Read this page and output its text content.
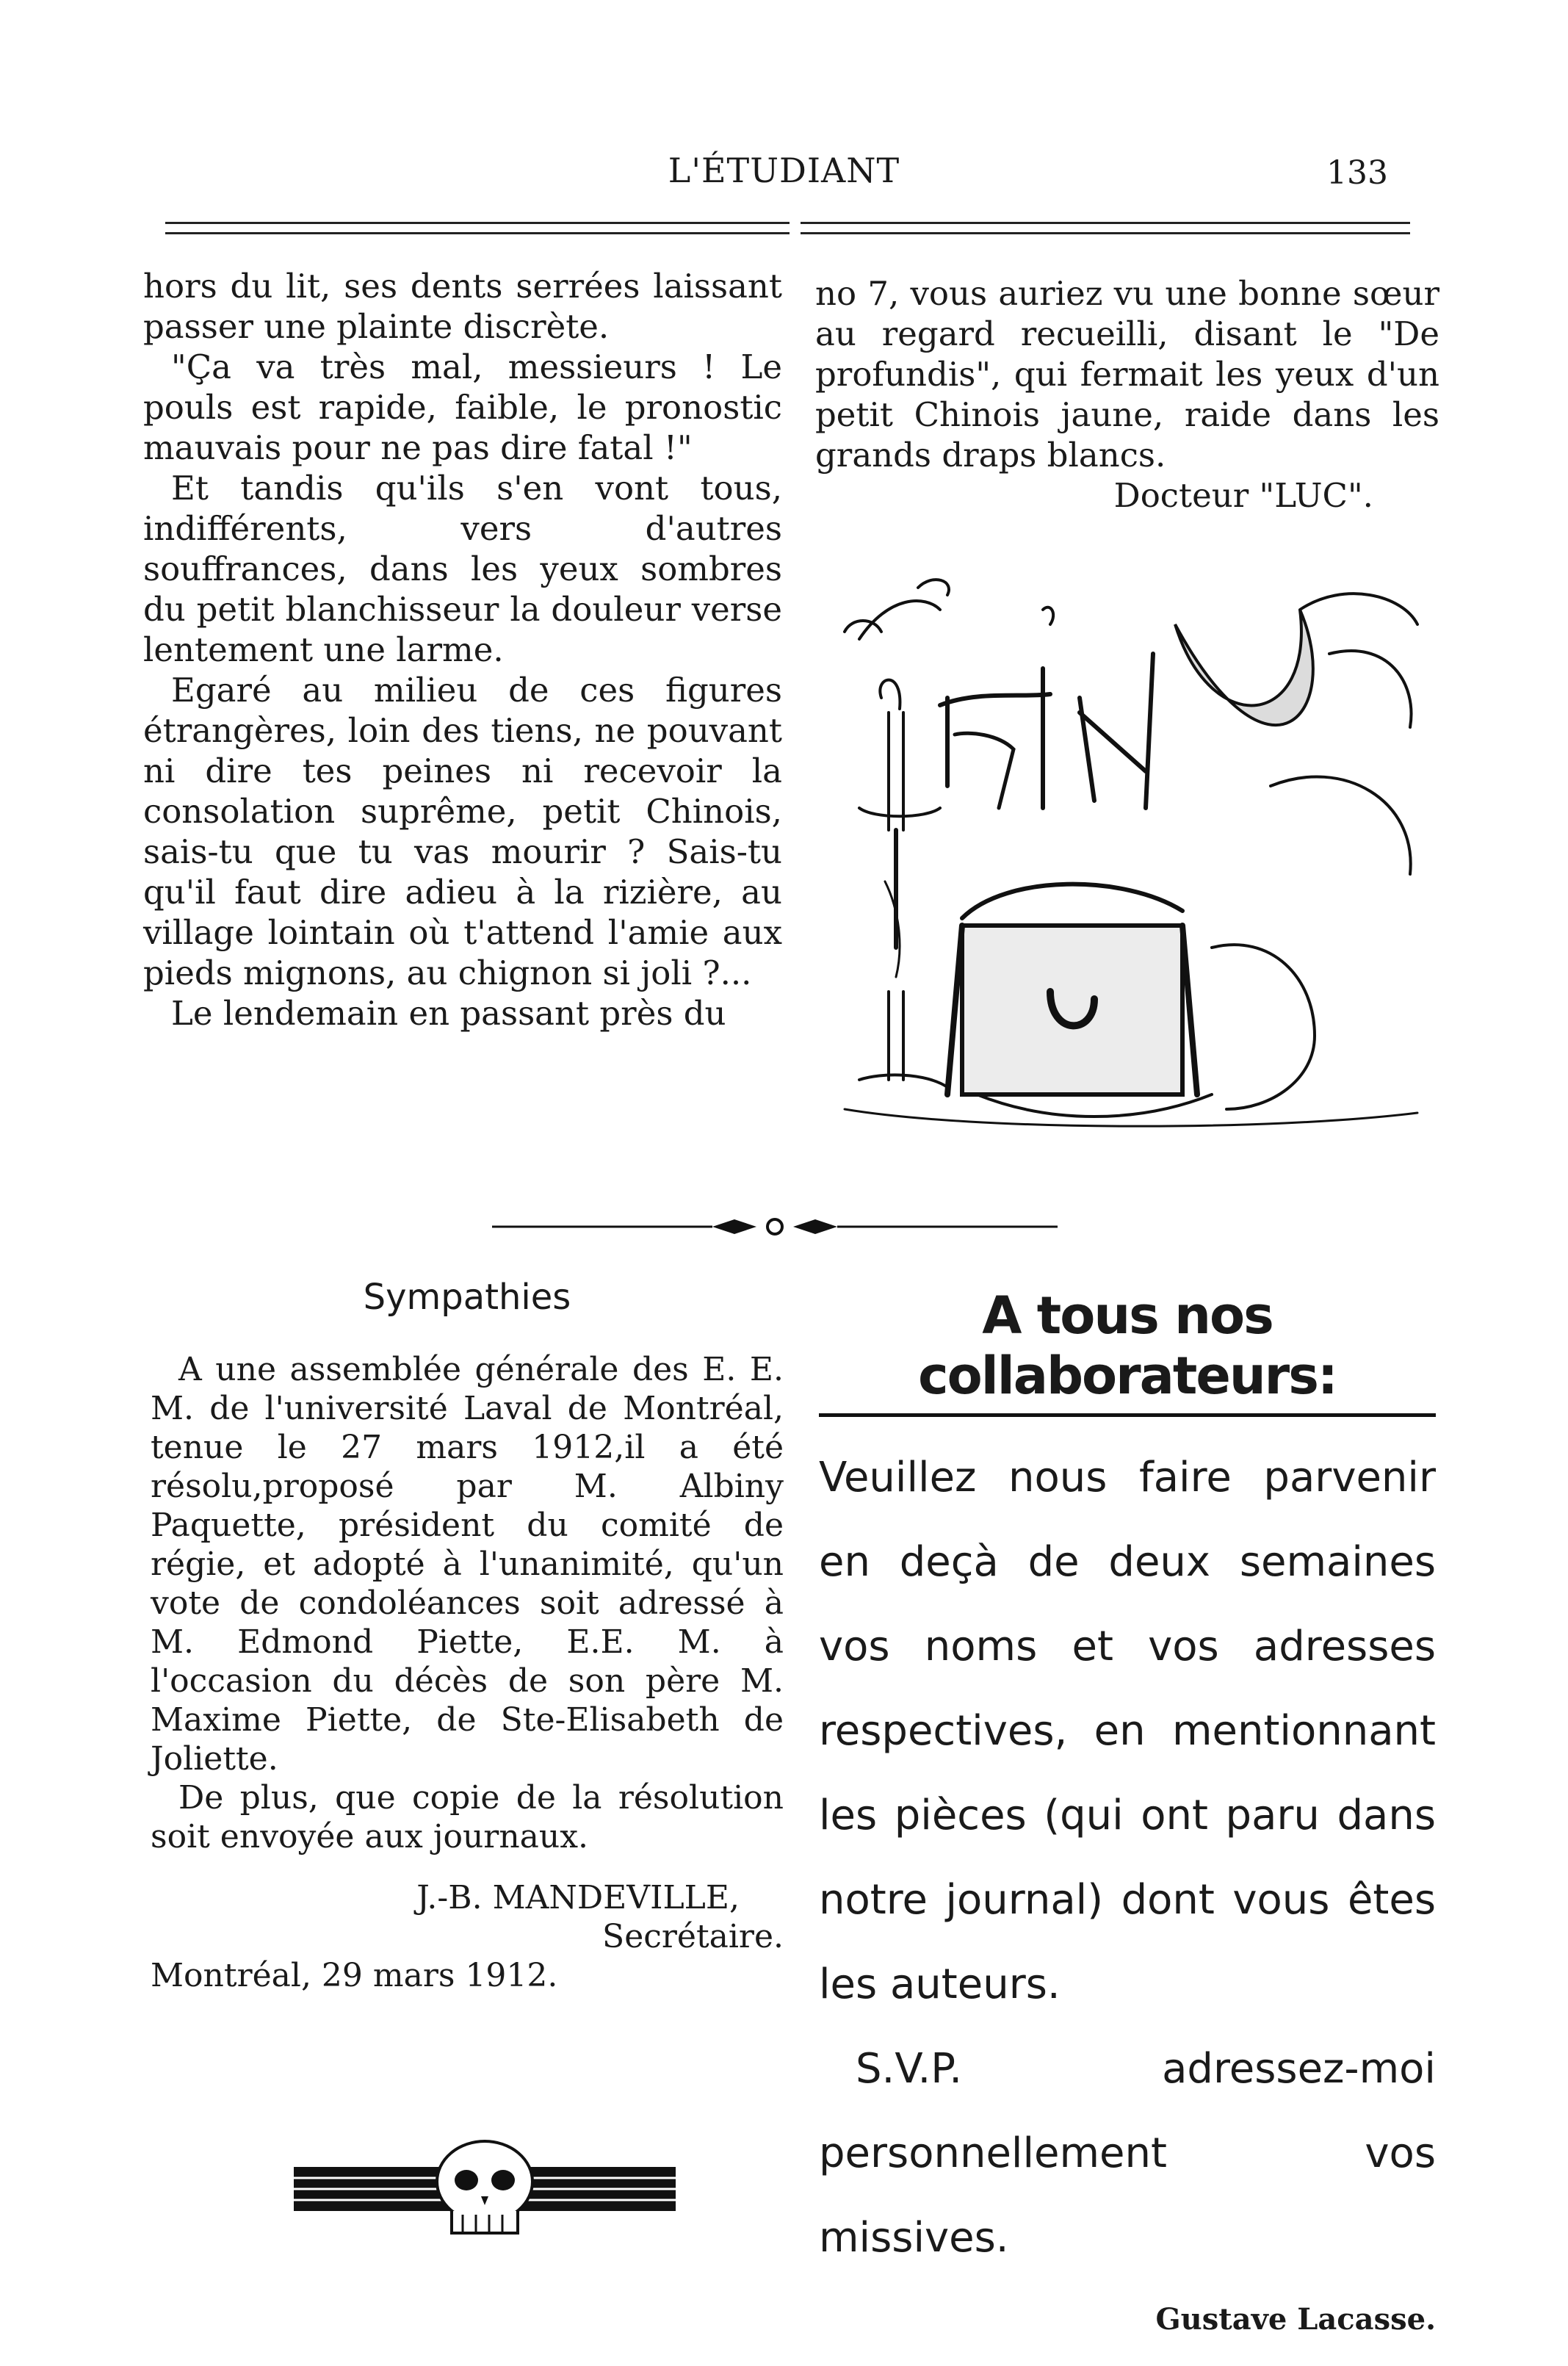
L'ÉTUDIANT	133

hors du lit, ses dents serrées laissant passer une plainte discrète.

"Ça va très mal, messieurs ! Le pouls est rapide, faible, le pronostic mauvais pour ne pas dire fatal !"

Et tandis qu'ils s'en vont tous, indifférents, vers d'autres souffrances, dans les yeux sombres du petit blanchisseur la douleur verse lentement une larme.

Egaré au milieu de ces figures étrangères, loin des tiens, ne pouvant ni dire tes peines ni recevoir la consolation suprême, petit Chinois, sais-tu que tu vas mourir ? Sais-tu qu'il faut dire adieu à la rizière, au village lointain où t'attend l'amie aux pieds mignons, au chignon si joli ?...

Le lendemain en passant près du

no 7, vous auriez vu une bonne sœur au regard recueilli, disant le "De profundis", qui fermait les yeux d'un petit Chinois jaune, raide dans les grands draps blancs.

Docteur "LUC".

FIN
Sympathies

A une assemblée générale des E. E. M. de l'université Laval de Montréal, tenue le 27 mars 1912,il a été résolu,proposé par M. Albiny Paquette, président du comité de régie, et adopté à l'unanimité, qu'un vote de condoléances soit adressé à M. Edmond Piette, E.E. M. à l'occasion du décès de son père M. Maxime Piette, de Ste-Elisabeth de Joliette.

De plus, que copie de la résolution soit envoyée aux journaux.

J.-B. MANDEVILLE,

Secrétaire.

Montréal, 29 mars 1912.

A tous nos collaborateurs:

Veuillez nous faire parvenir en deçà de deux semaines vos noms et vos adresses respectives, en mentionnant les pièces (qui ont paru dans notre journal) dont vous êtes les auteurs.

S.V.P. adressez-moi personnellement vos missives.

Gustave Lacasse.
